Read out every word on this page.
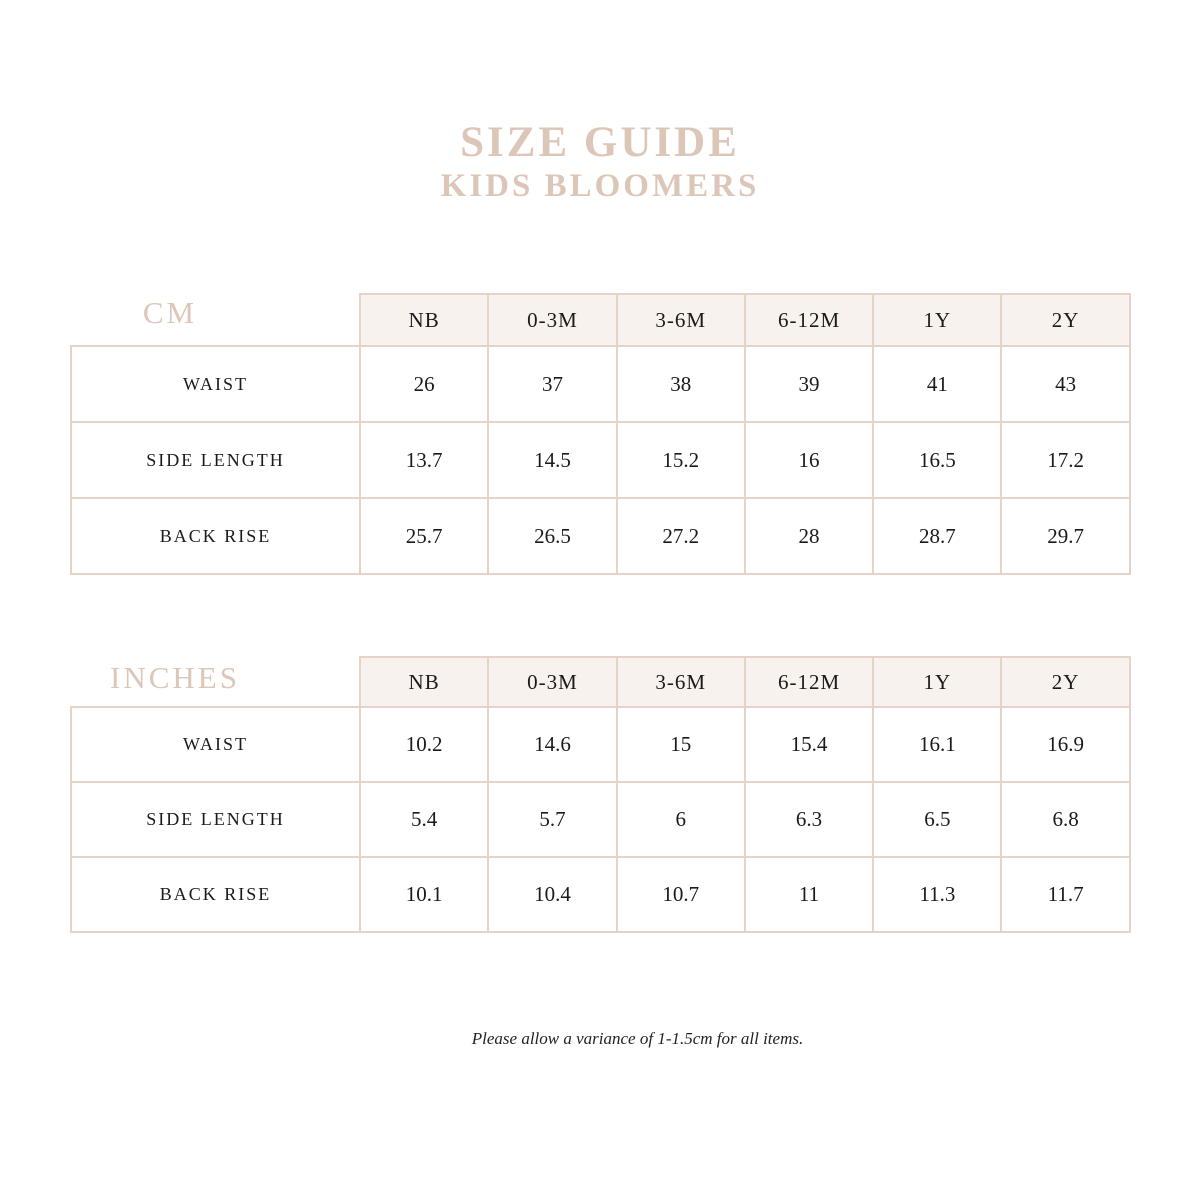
SIZE GUIDE
KIDS BLOOMERS
CM
		NB	0-3M	3-6M	6-12M	1Y	2Y
WAIST	26	37	38	39	41	43
SIDE LENGTH	13.7	14.5	15.2	16	16.5	17.2
BACK RISE	25.7	26.5	27.2	28	28.7	29.7
INCHES
		NB	0-3M	3-6M	6-12M	1Y	2Y
WAIST	10.2	14.6	15	15.4	16.1	16.9
SIDE LENGTH	5.4	5.7	6	6.3	6.5	6.8
BACK RISE	10.1	10.4	10.7	11	11.3	11.7

Please allow a variance of 1-1.5cm for all items.
